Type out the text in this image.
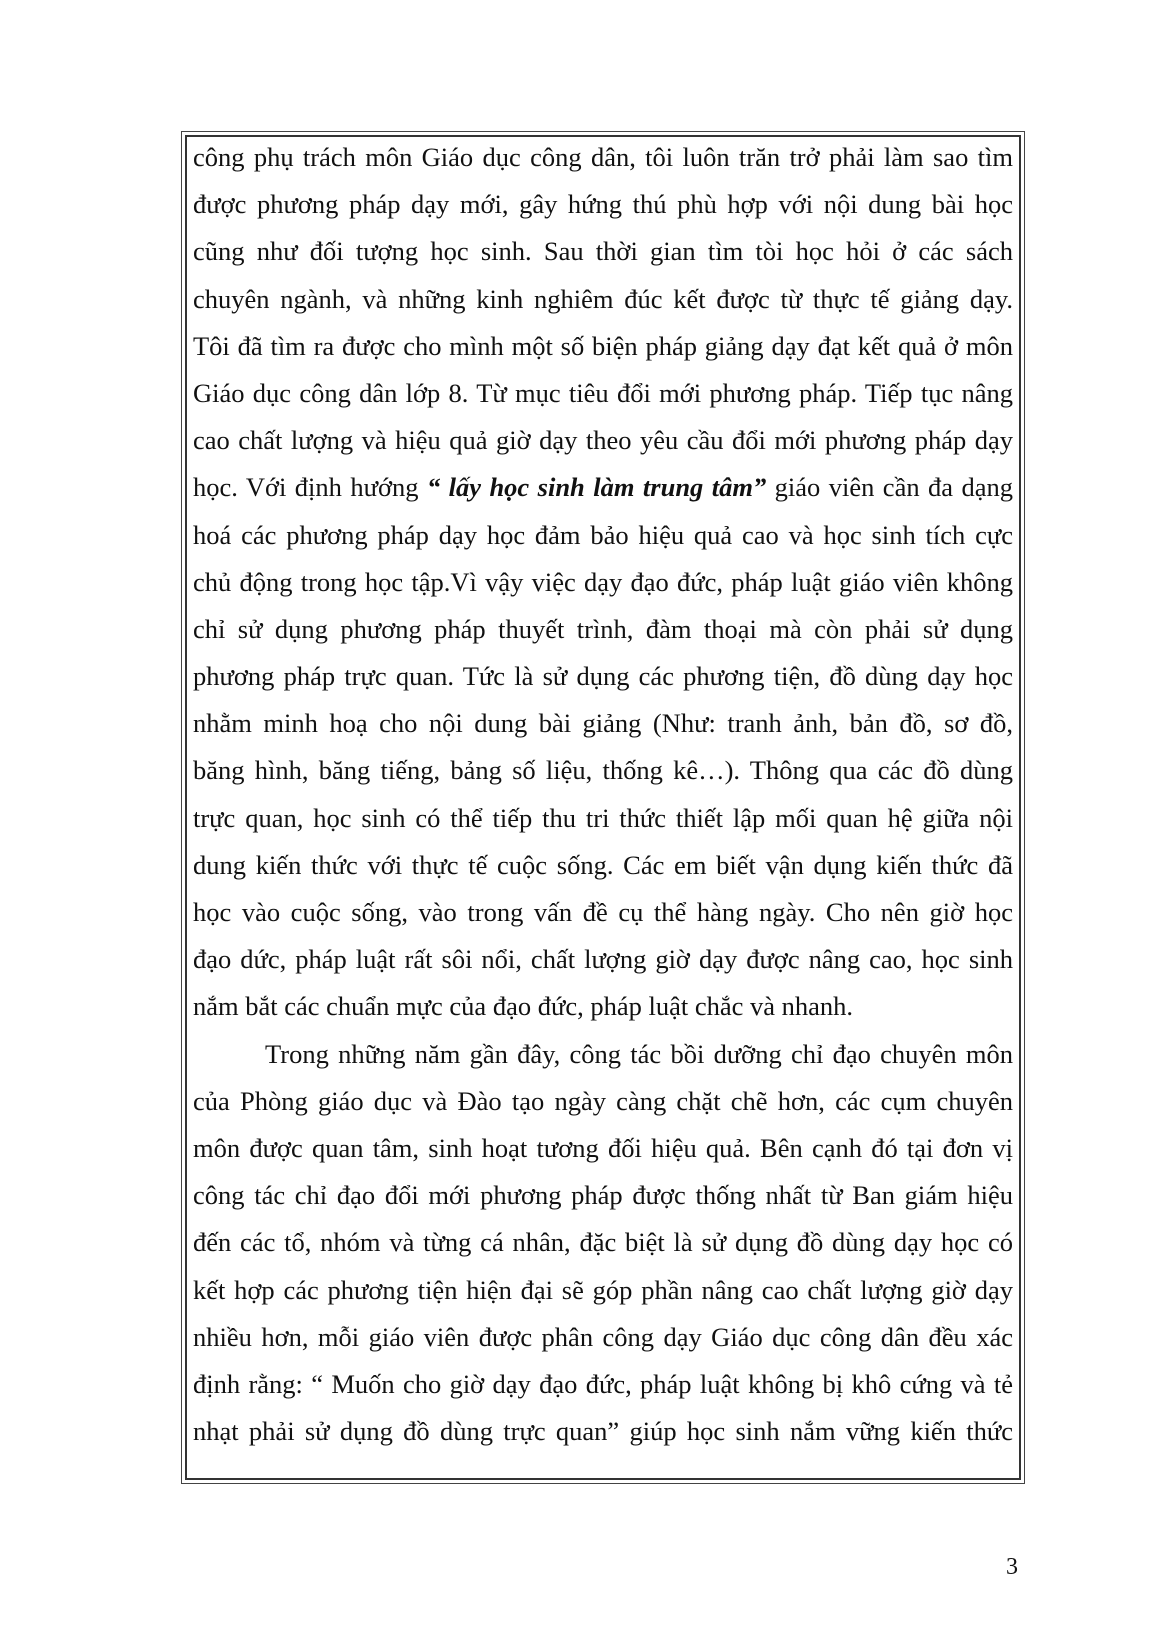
công phụ trách môn Giáo dục công dân, tôi luôn trăn trở phải làm sao tìm
được phương pháp dạy mới, gây hứng thú phù hợp với nội dung bài học
cũng như đối tượng học sinh. Sau thời gian tìm tòi học hỏi ở các sách
chuyên ngành, và những kinh nghiêm đúc kết được từ thực tế giảng dạy.
Tôi đã tìm ra được cho mình một số biện pháp giảng dạy đạt kết quả ở môn
Giáo dục công dân lớp 8. Từ mục tiêu đổi mới phương pháp. Tiếp tục nâng
cao chất lượng và hiệu quả giờ dạy theo yêu cầu đổi mới phương pháp dạy
học. Với định hướng “ lấy học sinh làm trung tâm” giáo viên cần đa dạng
hoá các phương pháp dạy học đảm bảo hiệu quả cao và học sinh tích cực
chủ động trong học tập.Vì vậy việc dạy đạo đức, pháp luật giáo viên không
chỉ sử dụng phương pháp thuyết trình, đàm thoại mà còn phải sử dụng
phương pháp trực quan. Tức là sử dụng các phương tiện, đồ dùng dạy học
nhằm minh hoạ cho nội dung bài giảng (Như: tranh ảnh, bản đồ, sơ đồ,
băng hình, băng tiếng, bảng số liệu, thống kê…). Thông qua các đồ dùng
trực quan, học sinh có thể tiếp thu tri thức thiết lập mối quan hệ giữa nội
dung kiến thức với thực tế cuộc sống. Các em biết vận dụng kiến thức đã
học vào cuộc sống, vào trong vấn đề cụ thể hàng ngày. Cho nên giờ học
đạo dức, pháp luật rất sôi nổi, chất lượng giờ dạy được nâng cao, học sinh
nắm bắt các chuẩn mực của đạo đức, pháp luật chắc và nhanh.
Trong những năm gần đây, công tác bồi dưỡng chỉ đạo chuyên môn
của Phòng giáo dục và Đào tạo ngày càng chặt chẽ hơn, các cụm chuyên
môn được quan tâm, sinh hoạt tương đối hiệu quả. Bên cạnh đó tại đơn vị
công tác chỉ đạo đổi mới phương pháp được thống nhất từ Ban giám hiệu
đến các tổ, nhóm và từng cá nhân, đặc biệt là sử dụng đồ dùng dạy học có
kết hợp các phương tiện hiện đại sẽ góp phần nâng cao chất lượng giờ dạy
nhiều hơn, mỗi giáo viên được phân công dạy Giáo dục công dân đều xác
định rằng: “ Muốn cho giờ dạy đạo đức, pháp luật không bị khô cứng và tẻ
nhạt phải sử dụng đồ dùng trực quan” giúp học sinh nắm vững kiến thức
3
